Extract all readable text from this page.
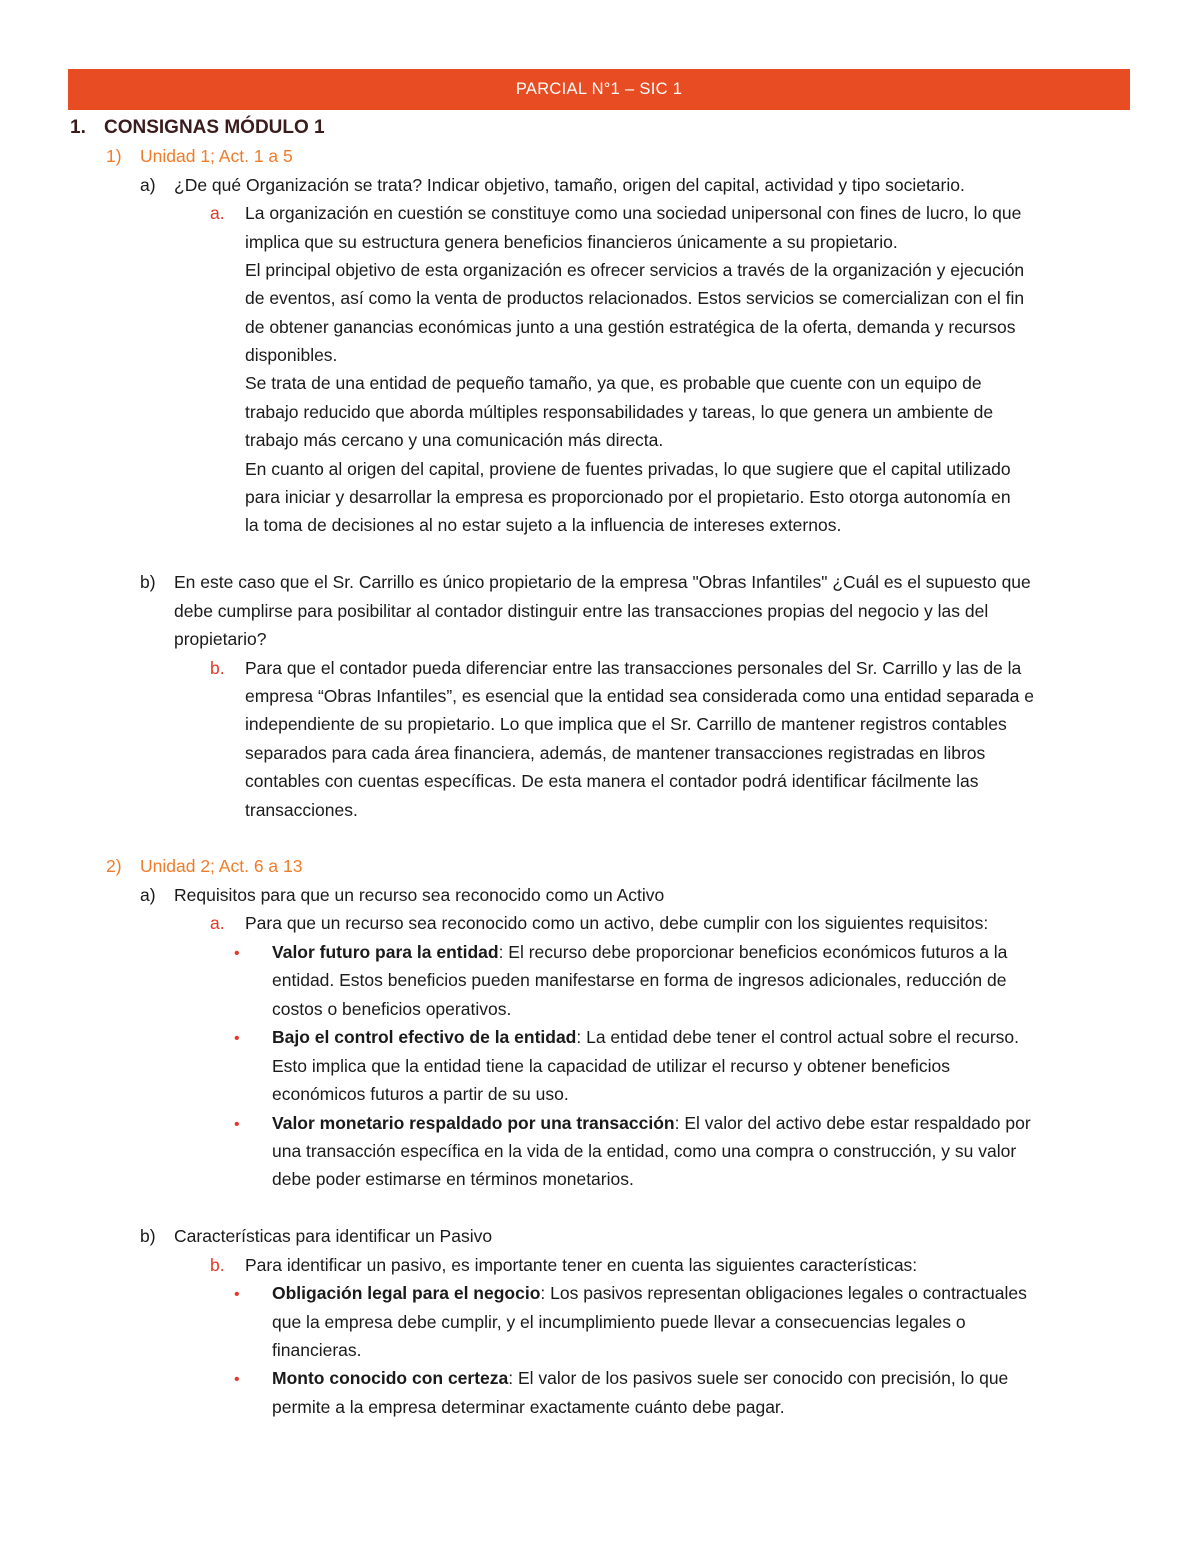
PARCIAL N°1 – SIC 1
1. CONSIGNAS MÓDULO 1
1) Unidad 1; Act. 1 a 5
a) ¿De qué Organización se trata? Indicar objetivo, tamaño, origen del capital, actividad y tipo societario.
a. La organización en cuestión se constituye como una sociedad unipersonal con fines de lucro, lo que
implica que su estructura genera beneficios financieros únicamente a su propietario.
El principal objetivo de esta organización es ofrecer servicios a través de la organización y ejecución
de eventos, así como la venta de productos relacionados. Estos servicios se comercializan con el fin
de obtener ganancias económicas junto a una gestión estratégica de la oferta, demanda y recursos
disponibles.
Se trata de una entidad de pequeño tamaño, ya que, es probable que cuente con un equipo de
trabajo reducido que aborda múltiples responsabilidades y tareas, lo que genera un ambiente de
trabajo más cercano y una comunicación más directa.
En cuanto al origen del capital, proviene de fuentes privadas, lo que sugiere que el capital utilizado
para iniciar y desarrollar la empresa es proporcionado por el propietario. Esto otorga autonomía en
la toma de decisiones al no estar sujeto a la influencia de intereses externos.
b) En este caso que el Sr. Carrillo es único propietario de la empresa "Obras Infantiles" ¿Cuál es el supuesto que
debe cumplirse para posibilitar al contador distinguir entre las transacciones propias del negocio y las del
propietario?
b. Para que el contador pueda diferenciar entre las transacciones personales del Sr. Carrillo y las de la
empresa “Obras Infantiles”, es esencial que la entidad sea considerada como una entidad separada e
independiente de su propietario. Lo que implica que el Sr. Carrillo de mantener registros contables
separados para cada área financiera, además, de mantener transacciones registradas en libros
contables con cuentas específicas. De esta manera el contador podrá identificar fácilmente las
transacciones.
2) Unidad 2; Act. 6 a 13
a) Requisitos para que un recurso sea reconocido como un Activo
a. Para que un recurso sea reconocido como un activo, debe cumplir con los siguientes requisitos:
• Valor futuro para la entidad: El recurso debe proporcionar beneficios económicos futuros a la
entidad. Estos beneficios pueden manifestarse en forma de ingresos adicionales, reducción de
costos o beneficios operativos.
• Bajo el control efectivo de la entidad: La entidad debe tener el control actual sobre el recurso.
Esto implica que la entidad tiene la capacidad de utilizar el recurso y obtener beneficios
económicos futuros a partir de su uso.
• Valor monetario respaldado por una transacción: El valor del activo debe estar respaldado por
una transacción específica en la vida de la entidad, como una compra o construcción, y su valor
debe poder estimarse en términos monetarios.
b) Características para identificar un Pasivo
b. Para identificar un pasivo, es importante tener en cuenta las siguientes características:
• Obligación legal para el negocio: Los pasivos representan obligaciones legales o contractuales
que la empresa debe cumplir, y el incumplimiento puede llevar a consecuencias legales o
financieras.
• Monto conocido con certeza: El valor de los pasivos suele ser conocido con precisión, lo que
permite a la empresa determinar exactamente cuánto debe pagar.
